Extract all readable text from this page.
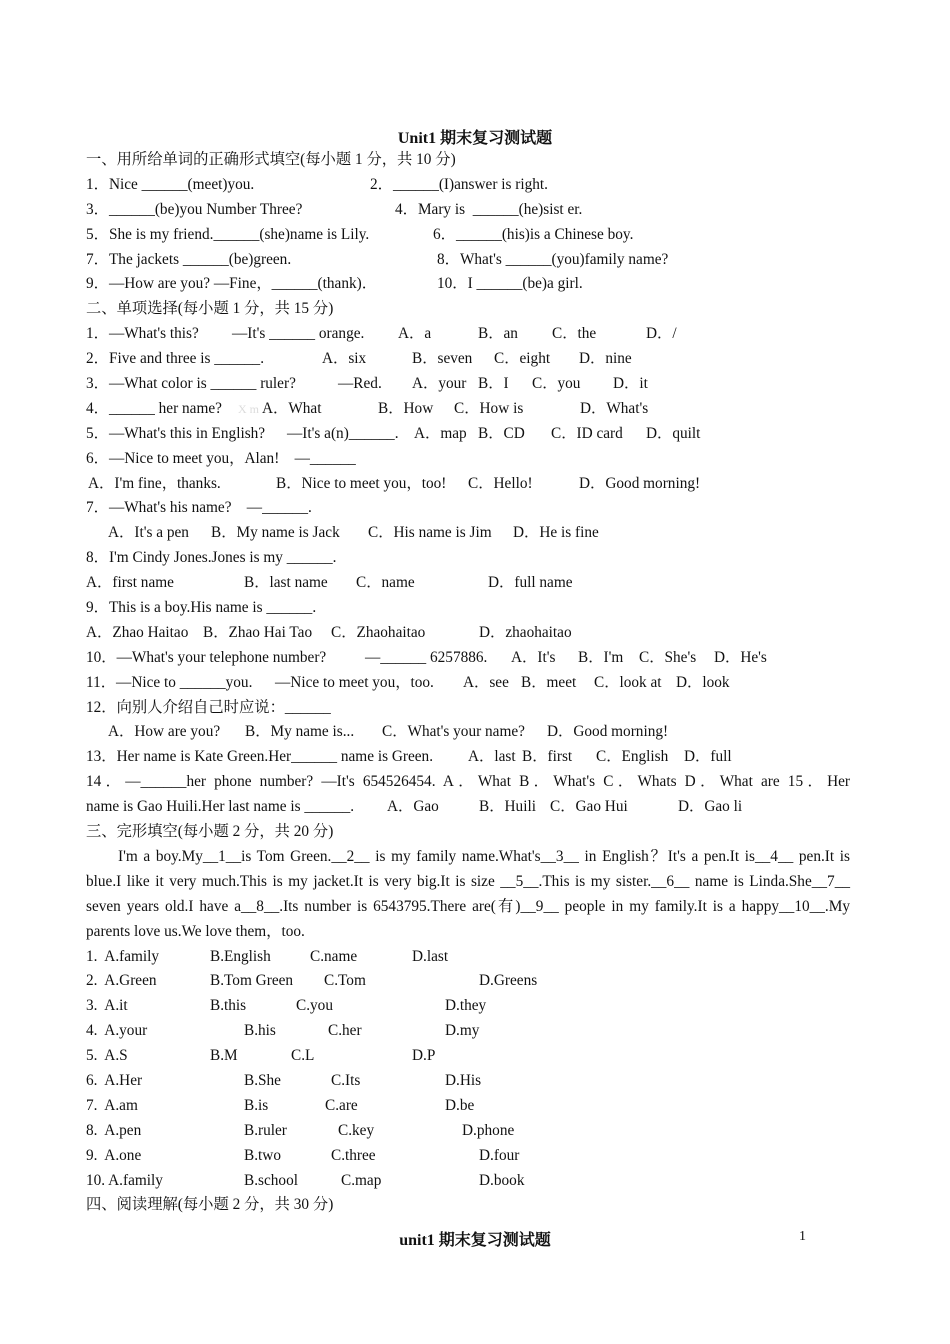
Unit1 期末复习测试题
一、用所给单词的正确形式填空(每小题 1 分，共 10 分)
1．Nice ______(meet)you.	2．______(I)answer is right.
3．______(be)you Number Three?	4．Mary is  ______(he)sist er.
5．She is my friend.______(she)name is Lily.	6．______(his)is a Chinese boy.
7．The jackets ______(be)green.	8．What's ______(you)family name?
9．—How are you? —Fine，______(thank)．	10．I ______(be)a girl.
二、单项选择(每小题 1 分，共 15 分)

1．—What's this? —It's ______ orange. A．a	B．an C．the	D．/

2．Five and three is ______.	A．six	B．seven C．eight D．nine

3．—What color is ______ ruler?	—Red. A．your B．I C．you D．it

4．______ her name? X m A．What	B．How C．How is	D．What's

5．—What's this in English? —It's a(n)______. A．map B．CD C．ID card D．quilt

6．—Nice to meet you，Alan!　—______

A．I'm fine，thanks.	B．Nice to meet you，too! C．Hello!	D．Good morning!

7．—What's his name?　—______.

A．It's a pen B．My name is Jack C．His name is Jim D．He is fine

8．I'm Cindy Jones.Jones is my ______.

A．first name	B．last name C．name	D．full name

9．This is a boy.His name is ______.

A．Zhao Haitao B．Zhao Hai Tao C．Zhaohaitao	D．zhaohaitao

10．—What's your telephone number?	—______ 6257886. A．It's B．I'm C．She's D．He's

11．—Nice to ______you. —Nice to meet you，too. A．see B．meet C．look at D．look

12．向别人介绍自己时应说：______

A．How are you? B．My name is... C．What's your name? D．Good morning!

13．Her name is Kate Green.Her______ name is Green. A．last B．first C．English D．full

14．—______her phone number? —It's 654526454. A．What B．What's C．Whats D．What are 15．Her

name is Gao Huili.Her last name is ______. A．Gao	B．Huili C．Gao Hui	D．Gao li

三、完形填空(每小题 2 分，共 20 分)
I'm a boy.My__1__is Tom Green.__2__ is my family name.What's__3__ in English？It's a pen.It is__4__ pen.It is blue.I like it very much.This is my jacket.It is very big.It is size __5__.This is my sister.__6__ name is Linda.She__7__ seven years old.I have a__8__.Its number is 6543795.There are(有)__9__ people in my family.It is a happy__10__.My parents love us.We love them，too.
1.  A.family	B.English	C.name	D.last
2.  A.Green	B.Tom Green C.Tom	D.Greens
3.  A.it	B.this	C.you	D.they
4.  A.your	B.his	C.her	D.my
5.  A.S	B.M	C.L	D.P
6.  A.Her	B.She	C.Its	D.His
7.  A.am	B.is	C.are	D.be
8.  A.pen	B.ruler	C.key	D.phone
9.  A.one	B.two	C.three	D.four
10. A.family	B.school	C.map	D.book
四、阅读理解(每小题 2 分，共 30 分)
unit1 期末复习测试题	1
